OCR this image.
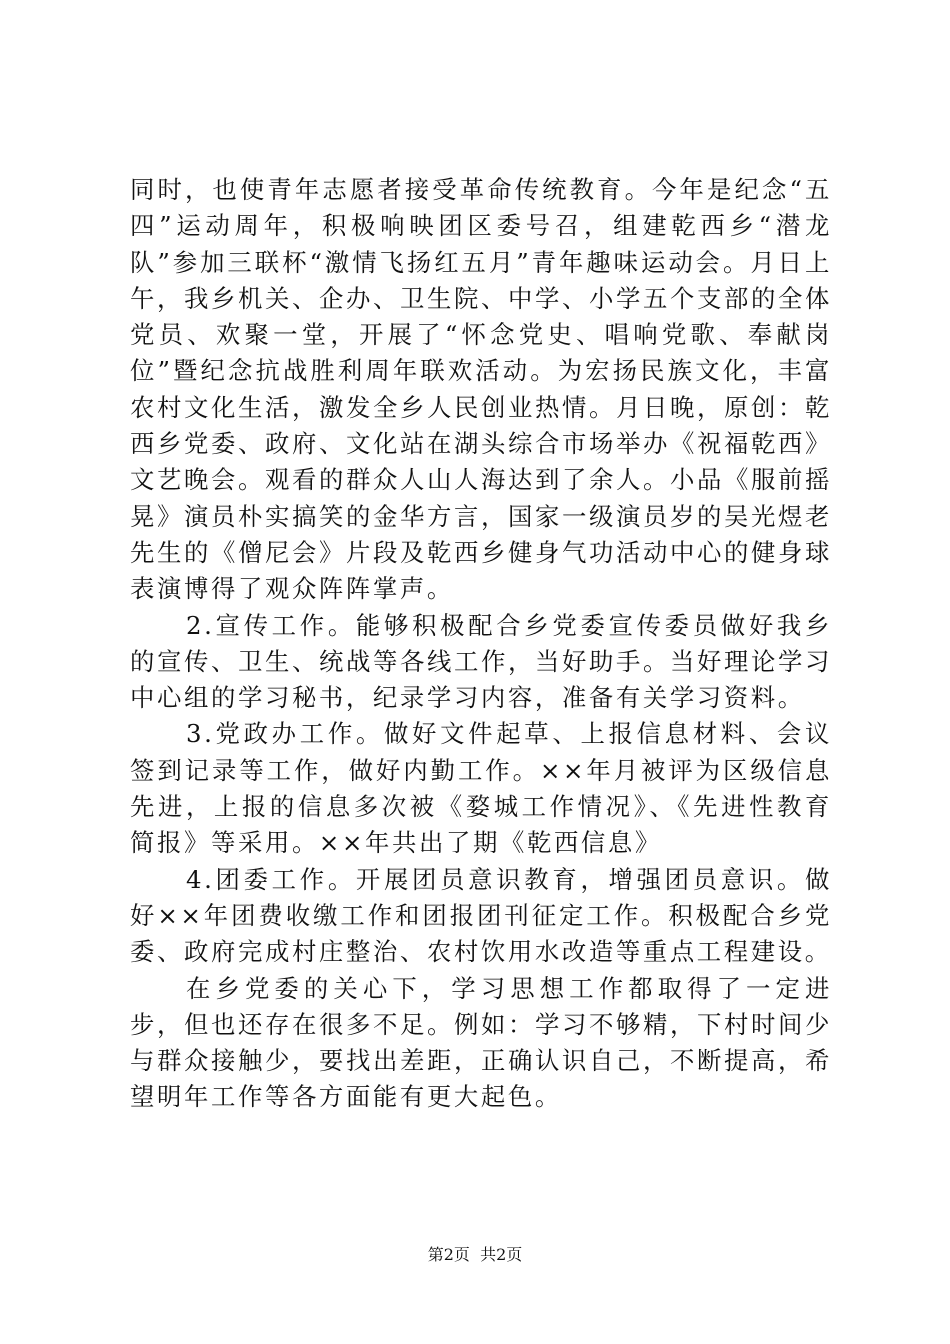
同时，也使青年志愿者接受革命传统教育。今年是纪念“五四”运动周年，积极响映团区委号召，组建乾西乡“潜龙队”参加三联杯“激情飞扬红五月”青年趣味运动会。月日上午，我乡机关、企办、卫生院、中学、小学五个支部的全体党员、欢聚一堂，开展了“怀念党史、唱响党歌、奉献岗位”暨纪念抗战胜利周年联欢活动。为宏扬民族文化，丰富农村文化生活，激发全乡人民创业热情。月日晚，原创：乾西乡党委、政府、文化站在湖头综合市场举办《祝福乾西》文艺晚会。观看的群众人山人海达到了余人。小品《服前摇晃》演员朴实搞笑的金华方言，国家一级演员岁的吴光煜老先生的《僧尼会》片段及乾西乡健身气功活动中心的健身球表演博得了观众阵阵掌声。

2.宣传工作。能够积极配合乡党委宣传委员做好我乡的宣传、卫生、统战等各线工作，当好助手。当好理论学习中心组的学习秘书，纪录学习内容，准备有关学习资料。

3.党政办工作。做好文件起草、上报信息材料、会议签到记录等工作，做好内勤工作。××年月被评为区级信息先进，上报的信息多次被《婺城工作情况》、《先进性教育简报》等采用。××年共出了期《乾西信息》

4.团委工作。开展团员意识教育，增强团员意识。做好××年团费收缴工作和团报团刊征定工作。积极配合乡党委、政府完成村庄整治、农村饮用水改造等重点工程建设。

在乡党委的关心下，学习思想工作都取得了一定进步，但也还存在很多不足。例如：学习不够精，下村时间少与群众接触少，要找出差距，正确认识自己，不断提高，希望明年工作等各方面能有更大起色。

第2页  共2页
